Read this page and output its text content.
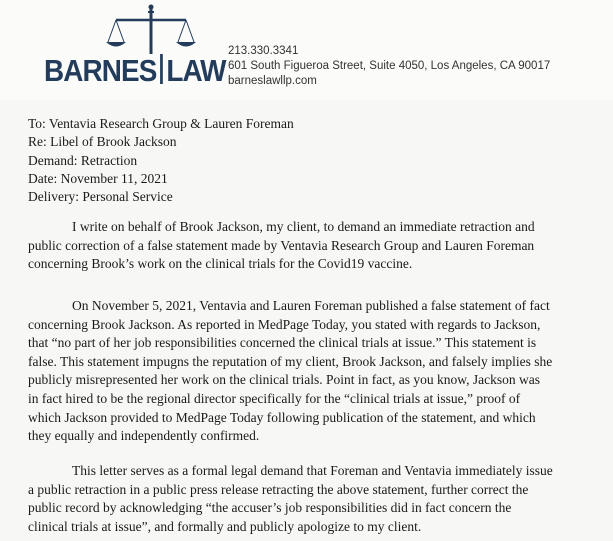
BARNES LAW
213.330.3341
601 South Figueroa Street, Suite 4050, Los Angeles, CA 90017
barneslawllp.com
To: Ventavia Research Group & Lauren Foreman
Re: Libel of Brook Jackson
Demand: Retraction
Date: November 11, 2021
Delivery: Personal Service
I write on behalf of Brook Jackson, my client, to demand an immediate retraction and
public correction of a false statement made by Ventavia Research Group and Lauren Foreman
concerning Brook’s work on the clinical trials for the Covid19 vaccine.
On November 5, 2021, Ventavia and Lauren Foreman published a false statement of fact
concerning Brook Jackson. As reported in MedPage Today, you stated with regards to Jackson,
that “no part of her job responsibilities concerned the clinical trials at issue.” This statement is
false. This statement impugns the reputation of my client, Brook Jackson, and falsely implies she
publicly misrepresented her work on the clinical trials. Point in fact, as you know, Jackson was
in fact hired to be the regional director specifically for the “clinical trials at issue,” proof of
which Jackson provided to MedPage Today following publication of the statement, and which
they equally and independently confirmed.
This letter serves as a formal legal demand that Foreman and Ventavia immediately issue
a public retraction in a public press release retracting the above statement, further correct the
public record by acknowledging “the accuser’s job responsibilities did in fact concern the
clinical trials at issue”, and formally and publicly apologize to my client.
